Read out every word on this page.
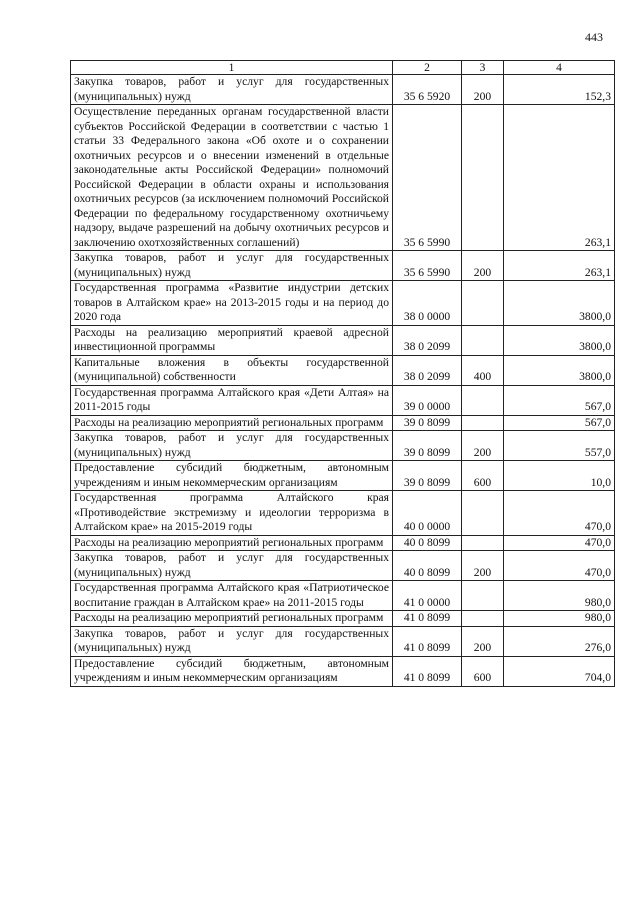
443
1	2	3	4
Закупка товаров, работ и услуг для государственных (муниципальных) нужд	35 6 5920	200	152,3
Осуществление переданных органам государственной власти субъектов Российской Федерации в соответствии с частью 1 статьи 33 Федерального закона «Об охоте и о сохранении охотничьих ресурсов и о внесении изменений в отдельные законодательные акты Российской Федерации» полномочий Российской Федерации в области охраны и использования охотничьих ресурсов (за исключением полномочий Российской Федерации по федеральному государственному охотничьему надзору, выдаче разрешений на добычу охотничьих ресурсов и заключению охотхозяйственных соглашений)	35 6 5990		263,1
Закупка товаров, работ и услуг для государственных (муниципальных) нужд	35 6 5990	200	263,1
Государственная программа «Развитие индустрии детских товаров в Алтайском крае» на 2013-2015 годы и на период до 2020 года	38 0 0000		3800,0
Расходы на реализацию мероприятий краевой адресной инвестиционной программы	38 0 2099		3800,0
Капитальные вложения в объекты государственной (муниципальной) собственности	38 0 2099	400	3800,0
Государственная программа Алтайского края «Дети Алтая» на 2011-2015 годы	39 0 0000		567,0
Расходы на реализацию мероприятий региональных программ	39 0 8099		567,0
Закупка товаров, работ и услуг для государственных (муниципальных) нужд	39 0 8099	200	557,0
Предоставление субсидий бюджетным, автономным учреждениям и иным некоммерческим организациям	39 0 8099	600	10,0
Государственная программа Алтайского края «Противодействие экстремизму и идеологии терроризма в Алтайском крае» на 2015-2019 годы	40 0 0000		470,0
Расходы на реализацию мероприятий региональных программ	40 0 8099		470,0
Закупка товаров, работ и услуг для государственных (муниципальных) нужд	40 0 8099	200	470,0
Государственная программа Алтайского края «Патриотическое воспитание граждан в Алтайском крае» на 2011-2015 годы	41 0 0000		980,0
Расходы на реализацию мероприятий региональных программ	41 0 8099		980,0
Закупка товаров, работ и услуг для государственных (муниципальных) нужд	41 0 8099	200	276,0
Предоставление субсидий бюджетным, автономным учреждениям и иным некоммерческим организациям	41 0 8099	600	704,0
